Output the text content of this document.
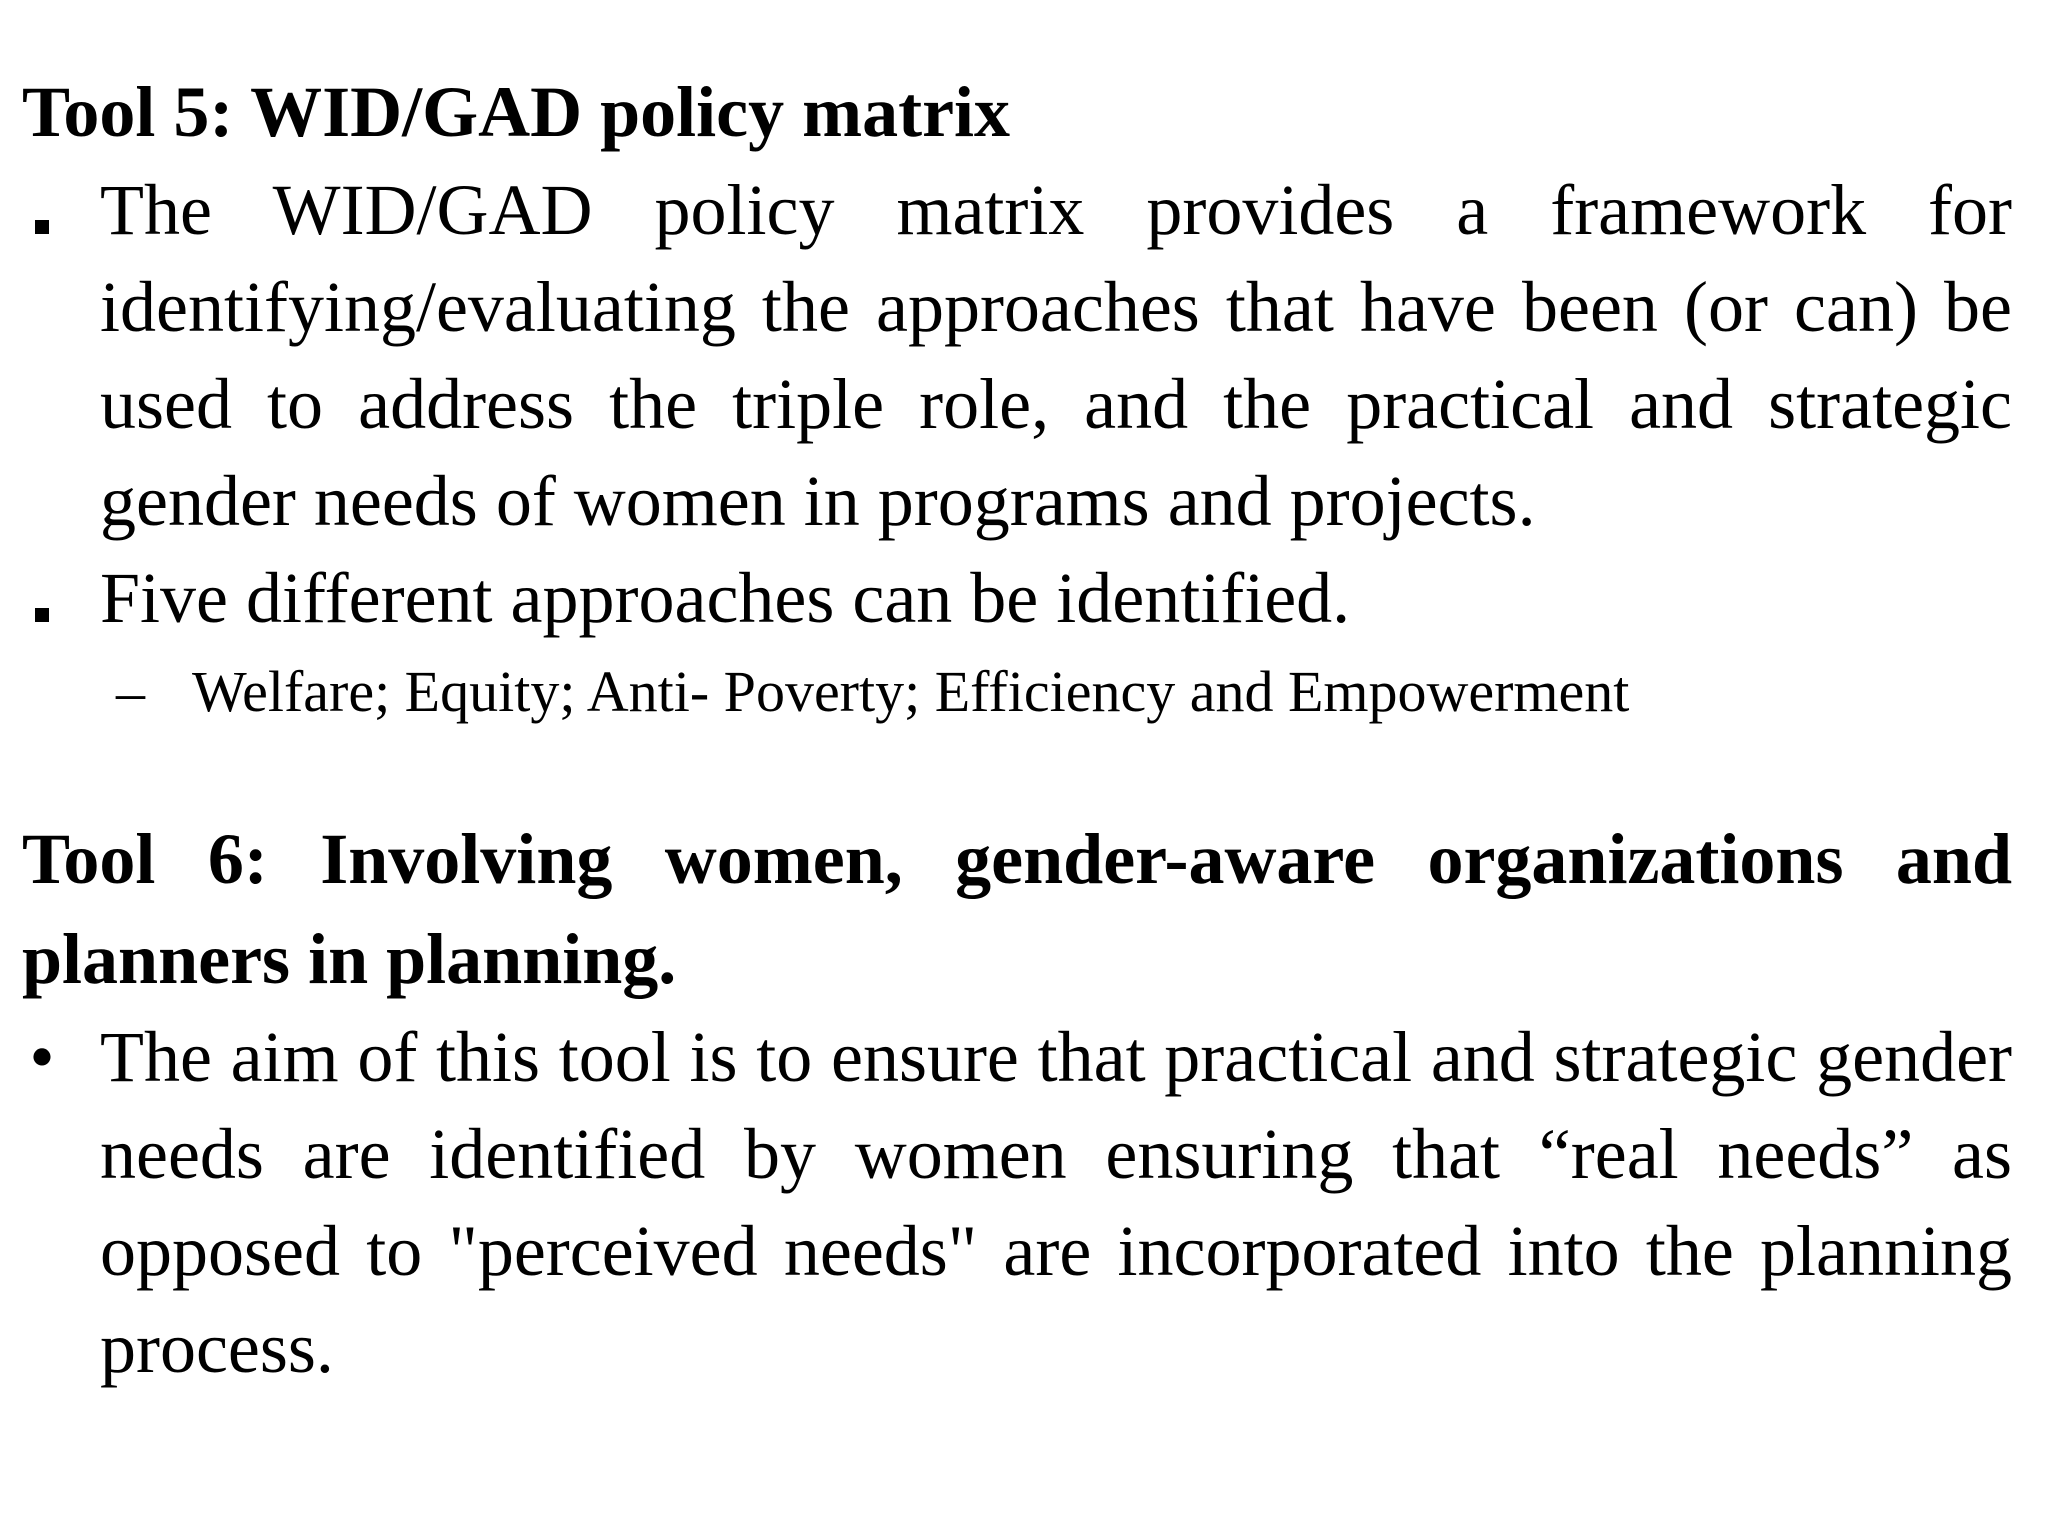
Tool 5: WID/GAD policy matrix
The WID/GAD policy matrix provides a framework for identifying/evaluating the approaches that have been (or can) be used to address the triple role, and the practical and strategic gender needs of women in programs and projects.
Five different approaches can be identified.
– Welfare; Equity; Anti- Poverty; Efficiency and Empowerment
Tool 6: Involving women, gender-aware organizations and planners in planning.
• The aim of this tool is to ensure that practical and strategic gender needs are identified by women ensuring that “real needs” as opposed to "perceived needs" are incorporated into the planning process.
